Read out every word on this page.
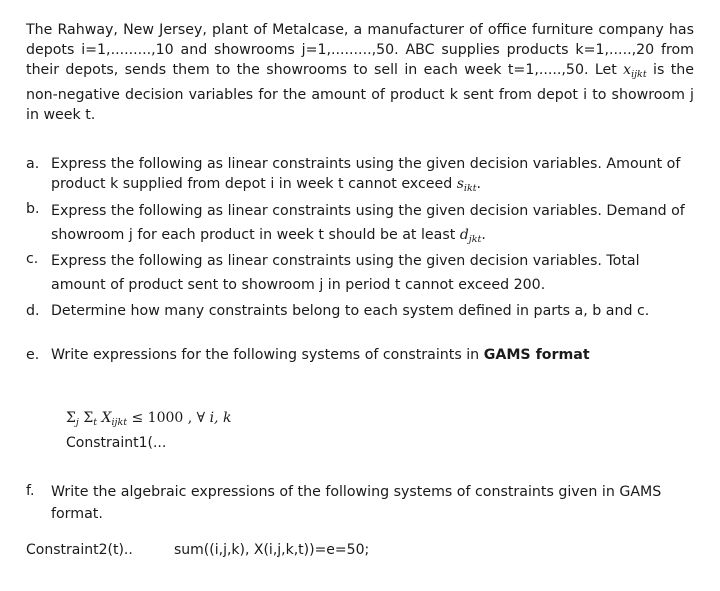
The Rahway, New Jersey, plant of Metalcase, a manufacturer of office furniture company has depots i=1,.........,10 and showrooms j=1,.........,50. ABC supplies products k=1,.....,20 from their depots, sends them to the showrooms to sell in each week t=1,.....,50. Let $x_{ijkt}$ is the non-negative decision variables for the amount of product k sent from depot i to showroom j in week t.
a. Express the following as linear constraints using the given decision variables. Amount of product k supplied from depot i in week t cannot exceed $s_{ikt}$.
b. Express the following as linear constraints using the given decision variables. Demand of showroom j for each product in week t should be at least $d_{jkt}$.
c. Express the following as linear constraints using the given decision variables. Total amount of product sent to showroom j in period t cannot exceed 200.
d. Determine how many constraints belong to each system defined in parts a, b and c.
e. Write expressions for the following systems of constraints in GAMS format
f. Write the algebraic expressions of the following systems of constraints given in GAMS format.
$\Sigma_j$ $\Sigma_t$ $X_{ijkt} \le 1000$ , ∀ i, k
Constraint1(...
Constraint2(t)..	sum((i,j,k), X(i,j,k,t))=e=50;
